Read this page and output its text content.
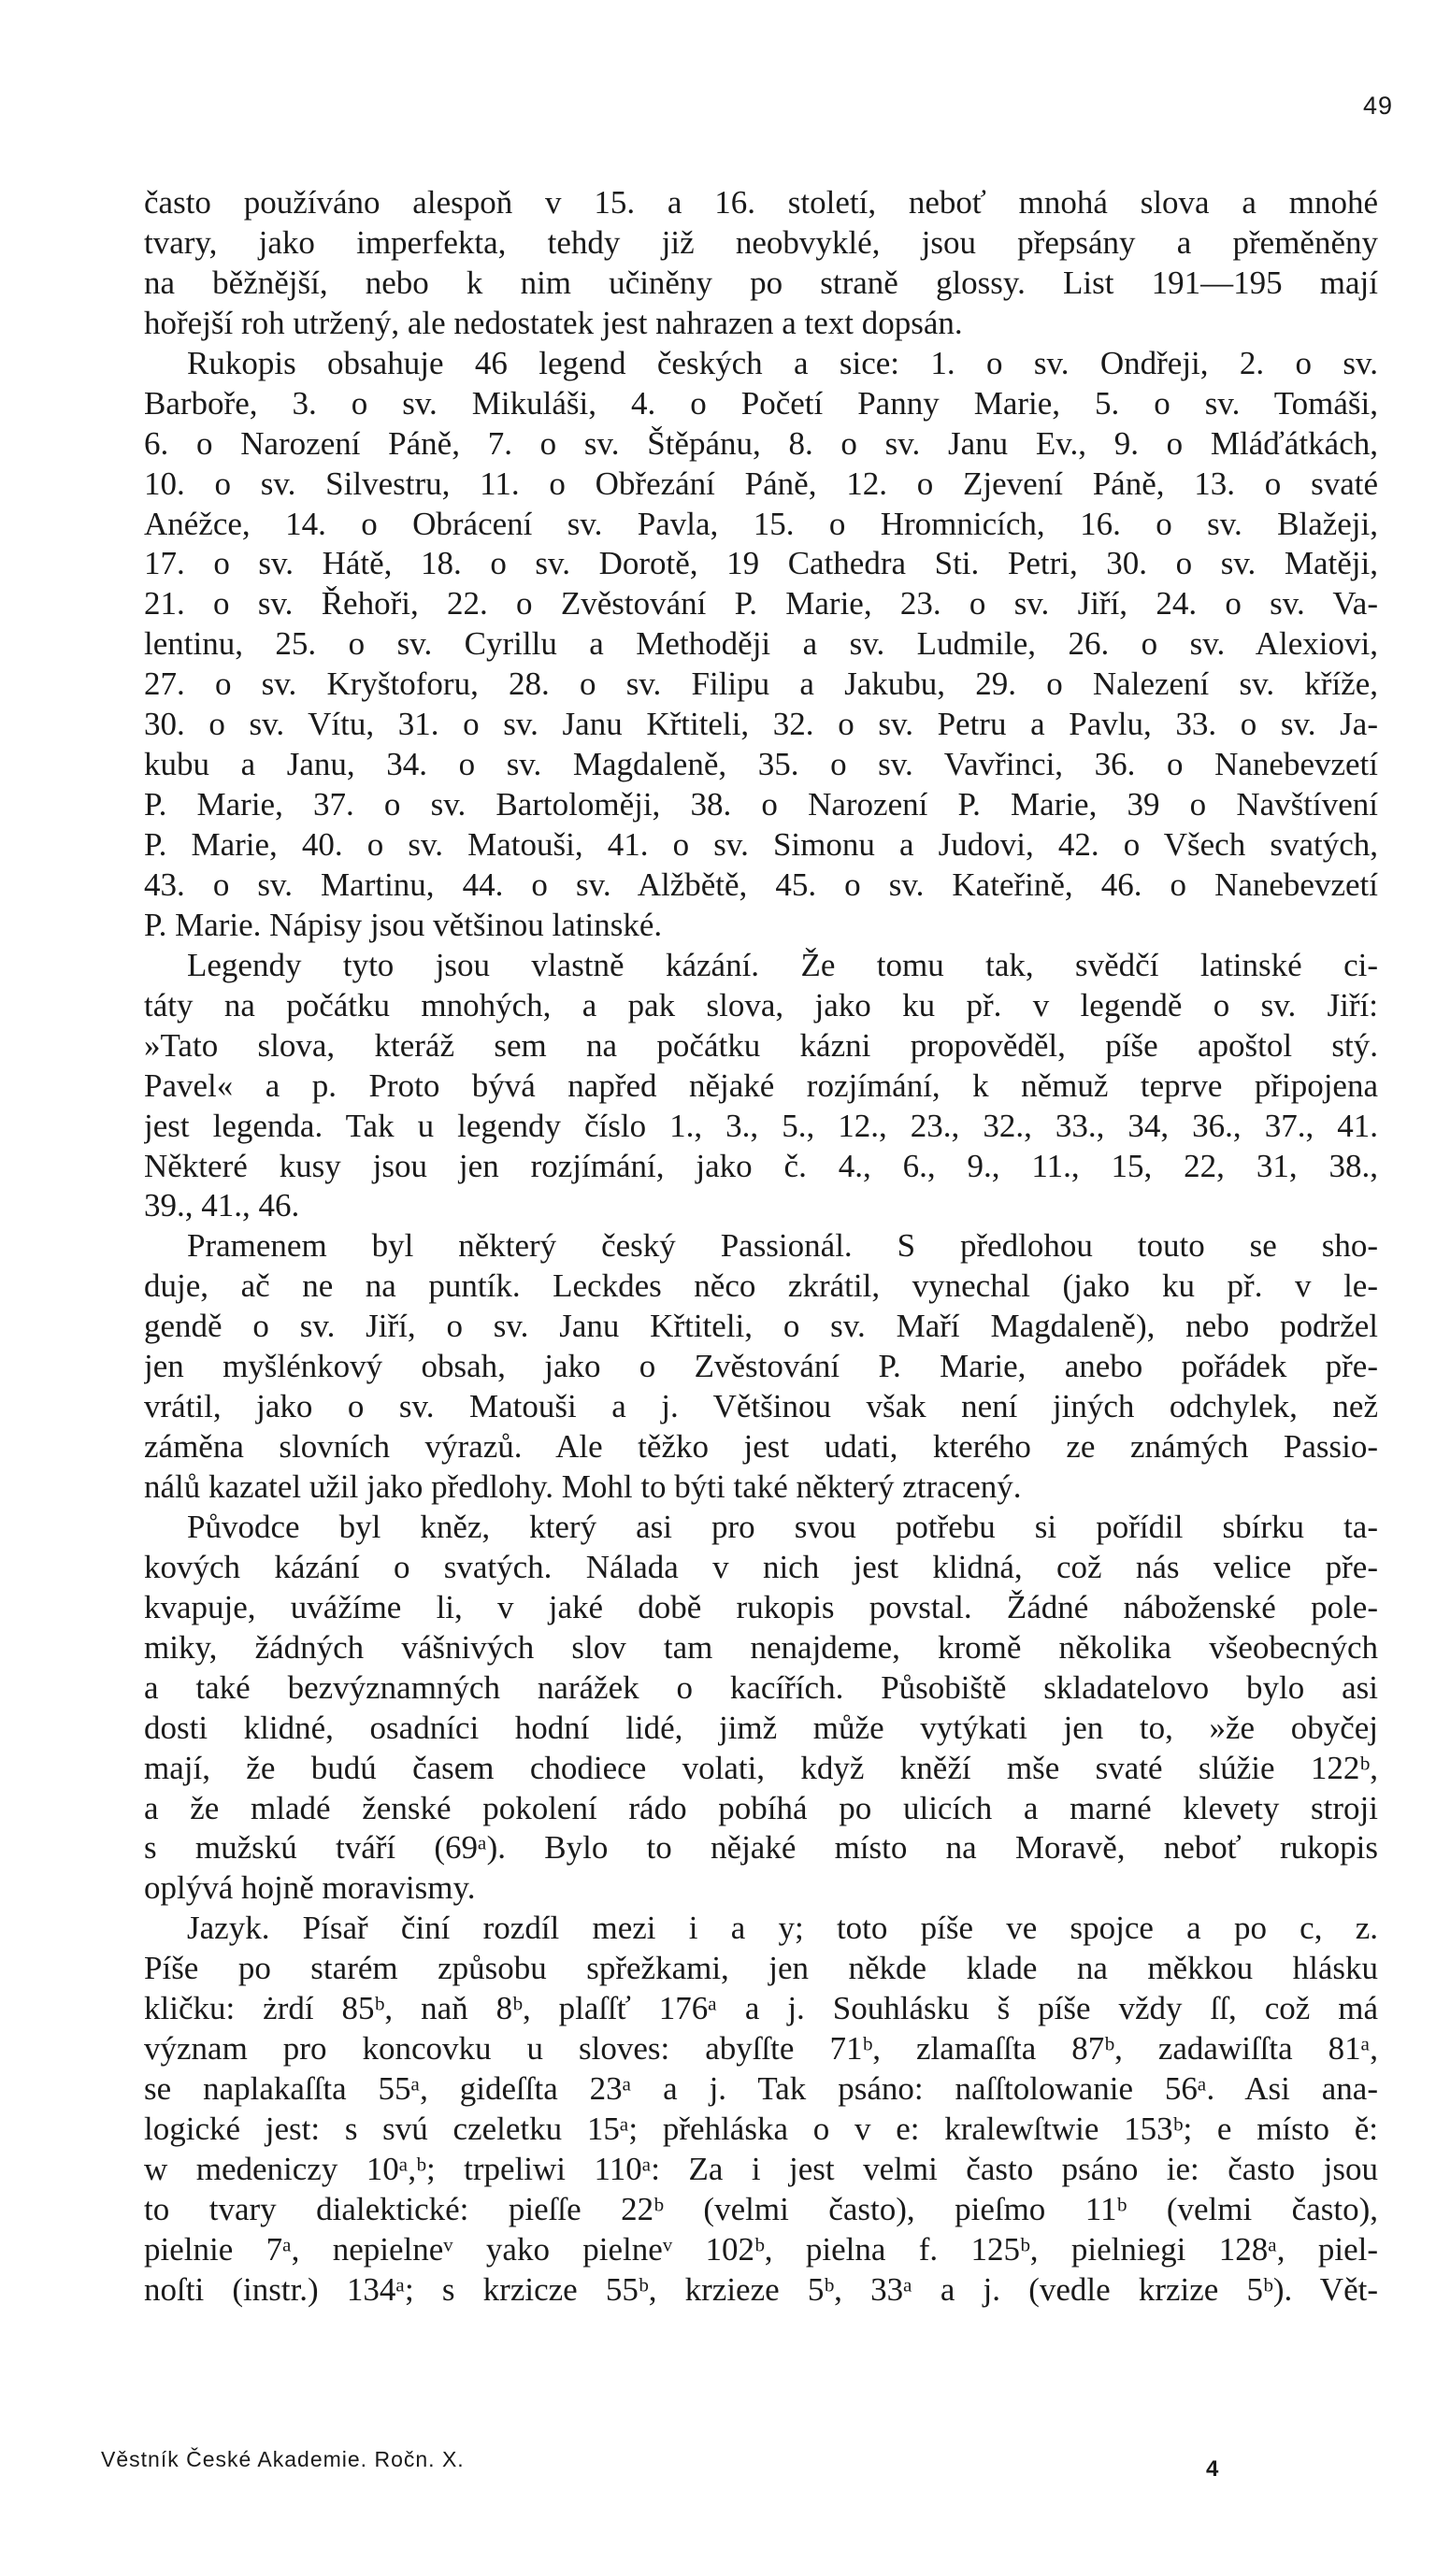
49
často používáno alespoň v 15. a 16. století, neboť mnohá slova a mnohé
tvary, jako imperfekta, tehdy již neobvyklé, jsou přepsány a přeměněny
na běžnější, nebo k nim učiněny po straně glossy. List 191—195 mají
hořejší roh utržený, ale nedostatek jest nahrazen a text dopsán.
Rukopis obsahuje 46 legend českých a sice: 1. o sv. Ondřeji, 2. o sv.
Barboře, 3. o sv. Mikuláši, 4. o Početí Panny Marie, 5. o sv. Tomáši,
6. o Narození Páně, 7. o sv. Štěpánu, 8. o sv. Janu Ev., 9. o Mláďátkách,
10. o sv. Silvestru, 11. o Obřezání Páně, 12. o Zjevení Páně, 13. o svaté
Anéžce, 14. o Obrácení sv. Pavla, 15. o Hromnicích, 16. o sv. Blažeji,
17. o sv. Hátě, 18. o sv. Dorotě, 19 Cathedra Sti. Petri, 30. o sv. Matěji,
21. o sv. Řehoři, 22. o Zvěstování P. Marie, 23. o sv. Jiří, 24. o sv. Va-
lentinu, 25. o sv. Cyrillu a Methoději a sv. Ludmile, 26. o sv. Alexiovi,
27. o sv. Kryštoforu, 28. o sv. Filipu a Jakubu, 29. o Nalezení sv. kříže,
30. o sv. Vítu, 31. o sv. Janu Křtiteli, 32. o sv. Petru a Pavlu, 33. o sv. Ja-
kubu a Janu, 34. o sv. Magdaleně, 35. o sv. Vavřinci, 36. o Nanebevzetí
P. Marie, 37. o sv. Bartoloměji, 38. o Narození P. Marie, 39 o Navštívení
P. Marie, 40. o sv. Matouši, 41. o sv. Simonu a Judovi, 42. o Všech svatých,
43. o sv. Martinu, 44. o sv. Alžbětě, 45. o sv. Kateřině, 46. o Nanebevzetí
P. Marie. Nápisy jsou většinou latinské.
Legendy tyto jsou vlastně kázání. Že tomu tak, svědčí latinské ci-
táty na počátku mnohých, a pak slova, jako ku př. v legendě o sv. Jiří:
»Tato slova, kteráž sem na počátku kázni propověděl, píše apoštol stý.
Pavel« a p. Proto bývá napřed nějaké rozjímání, k němuž teprve připojena
jest legenda. Tak u legendy číslo 1., 3., 5., 12., 23., 32., 33., 34, 36., 37., 41.
Některé kusy jsou jen rozjímání, jako č. 4., 6., 9., 11., 15, 22, 31, 38.,
39., 41., 46.
Pramenem byl některý český Passionál. S předlohou touto se sho-
duje, ač ne na puntík. Leckdes něco zkrátil, vynechal (jako ku př. v le-
gendě o sv. Jiří, o sv. Janu Křtiteli, o sv. Maří Magdaleně), nebo podržel
jen myšlénkový obsah, jako o Zvěstování P. Marie, anebo pořádek pře-
vrátil, jako o sv. Matouši a j. Většinou však není jiných odchylek, než
záměna slovních výrazů. Ale těžko jest udati, kterého ze známých Passio-
nálů kazatel užil jako předlohy. Mohl to býti také některý ztracený.
Původce byl kněz, který asi pro svou potřebu si pořídil sbírku ta-
kových kázání o svatých. Nálada v nich jest klidná, což nás velice pře-
kvapuje, uvážíme li, v jaké době rukopis povstal. Žádné náboženské pole-
miky, žádných vášnivých slov tam nenajdeme, kromě několika všeobecných
a také bezvýznamných narážek o kacířích. Působiště skladatelovo bylo asi
dosti klidné, osadníci hodní lidé, jimž může vytýkati jen to, »že obyčej
mají, že budú časem chodiece volati, když kněží mše svaté slúžie 122ᵇ,
a že mladé ženské pokolení rádo pobíhá po ulicích a marné klevety stroji
s mužskú tváří (69ᵃ). Bylo to nějaké místo na Moravě, neboť rukopis
oplývá hojně moravismy.
Jazyk. Písař činí rozdíl mezi i a y; toto píše ve spojce a po c, z.
Píše po starém způsobu spřežkami, jen někde klade na měkkou hlásku
kličku: żrdí 85ᵇ, naň 8ᵇ, plaſſť 176ᵃ a j. Souhlásku š píše vždy ſſ, což má
význam pro koncovku u sloves: abyſſte 71ᵇ, zlamaſſta 87ᵇ, zadawiſſta 81ᵃ,
se naplakaſſta 55ᵃ, gideſſta 23ᵃ a j. Tak psáno: naſſtolowanie 56ᵃ. Asi ana-
logické jest: s svú czeletku 15ᵃ; přehláska o v e: kralewſtwie 153ᵇ; e místo ě:
w medeniczy 10ᵃ,ᵇ; trpeliwi 110ᵃ: Za i jest velmi často psáno ie: často jsou
to tvary dialektické: pieſſe 22ᵇ (velmi často), pieſmo 11ᵇ (velmi často),
pielnie 7ᵃ, nepielneᵛ yako pielneᵛ 102ᵇ, pielna f. 125ᵇ, pielniegi 128ᵃ, piel-
noſti (instr.) 134ᵃ; s krzicze 55ᵇ, krzieze 5ᵇ, 33ᵃ a j. (vedle krzize 5ᵇ). Vět-
Věstník České Akademie. Ročn. X.	4
